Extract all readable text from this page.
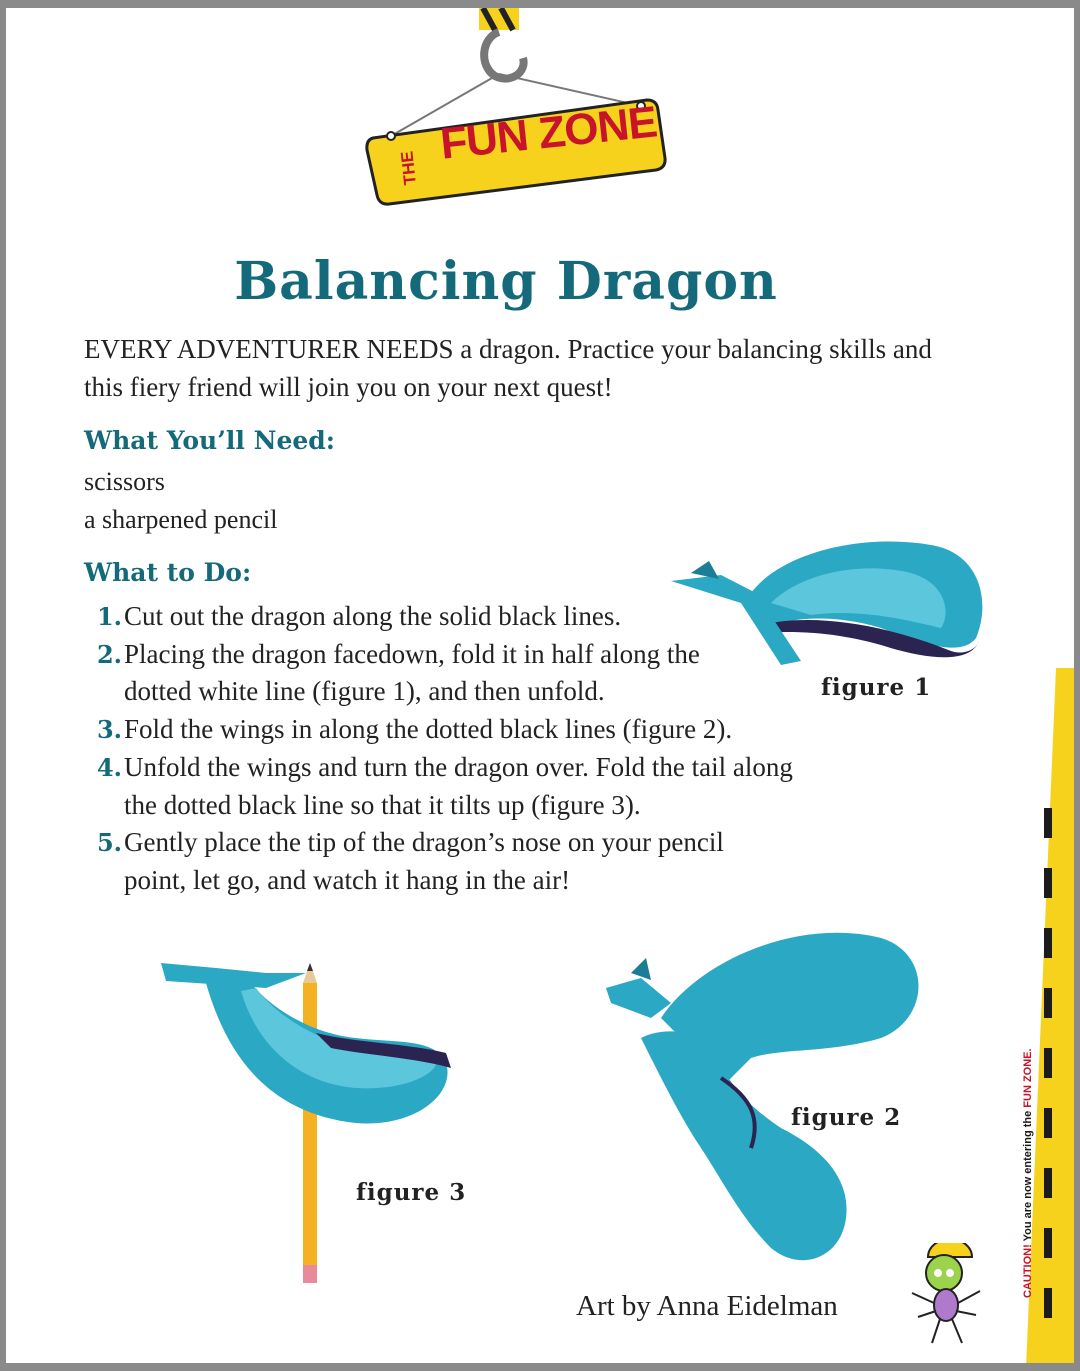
FUN ZONE
THE
Balancing Dragon
EVERY ADVENTURER NEEDS a dragon. Practice your balancing skills and this fiery friend will join you on your next quest!
What You’ll Need:
scissors
a sharpened pencil
What to Do:
1. Cut out the dragon along the solid black lines.
2. Placing the dragon facedown, fold it in half along the dotted white line (figure 1), and then unfold.
3. Fold the wings in along the dotted black lines (figure 2).
4. Unfold the wings and turn the dragon over. Fold the tail along the dotted black line so that it tilts up (figure 3).
5. Gently place the tip of the dragon’s nose on your pencil point, let go, and watch it hang in the air!
figure 1
figure 3
figure 2
Art by Anna Eidelman
CAUTION! You are now entering the FUN ZONE.
